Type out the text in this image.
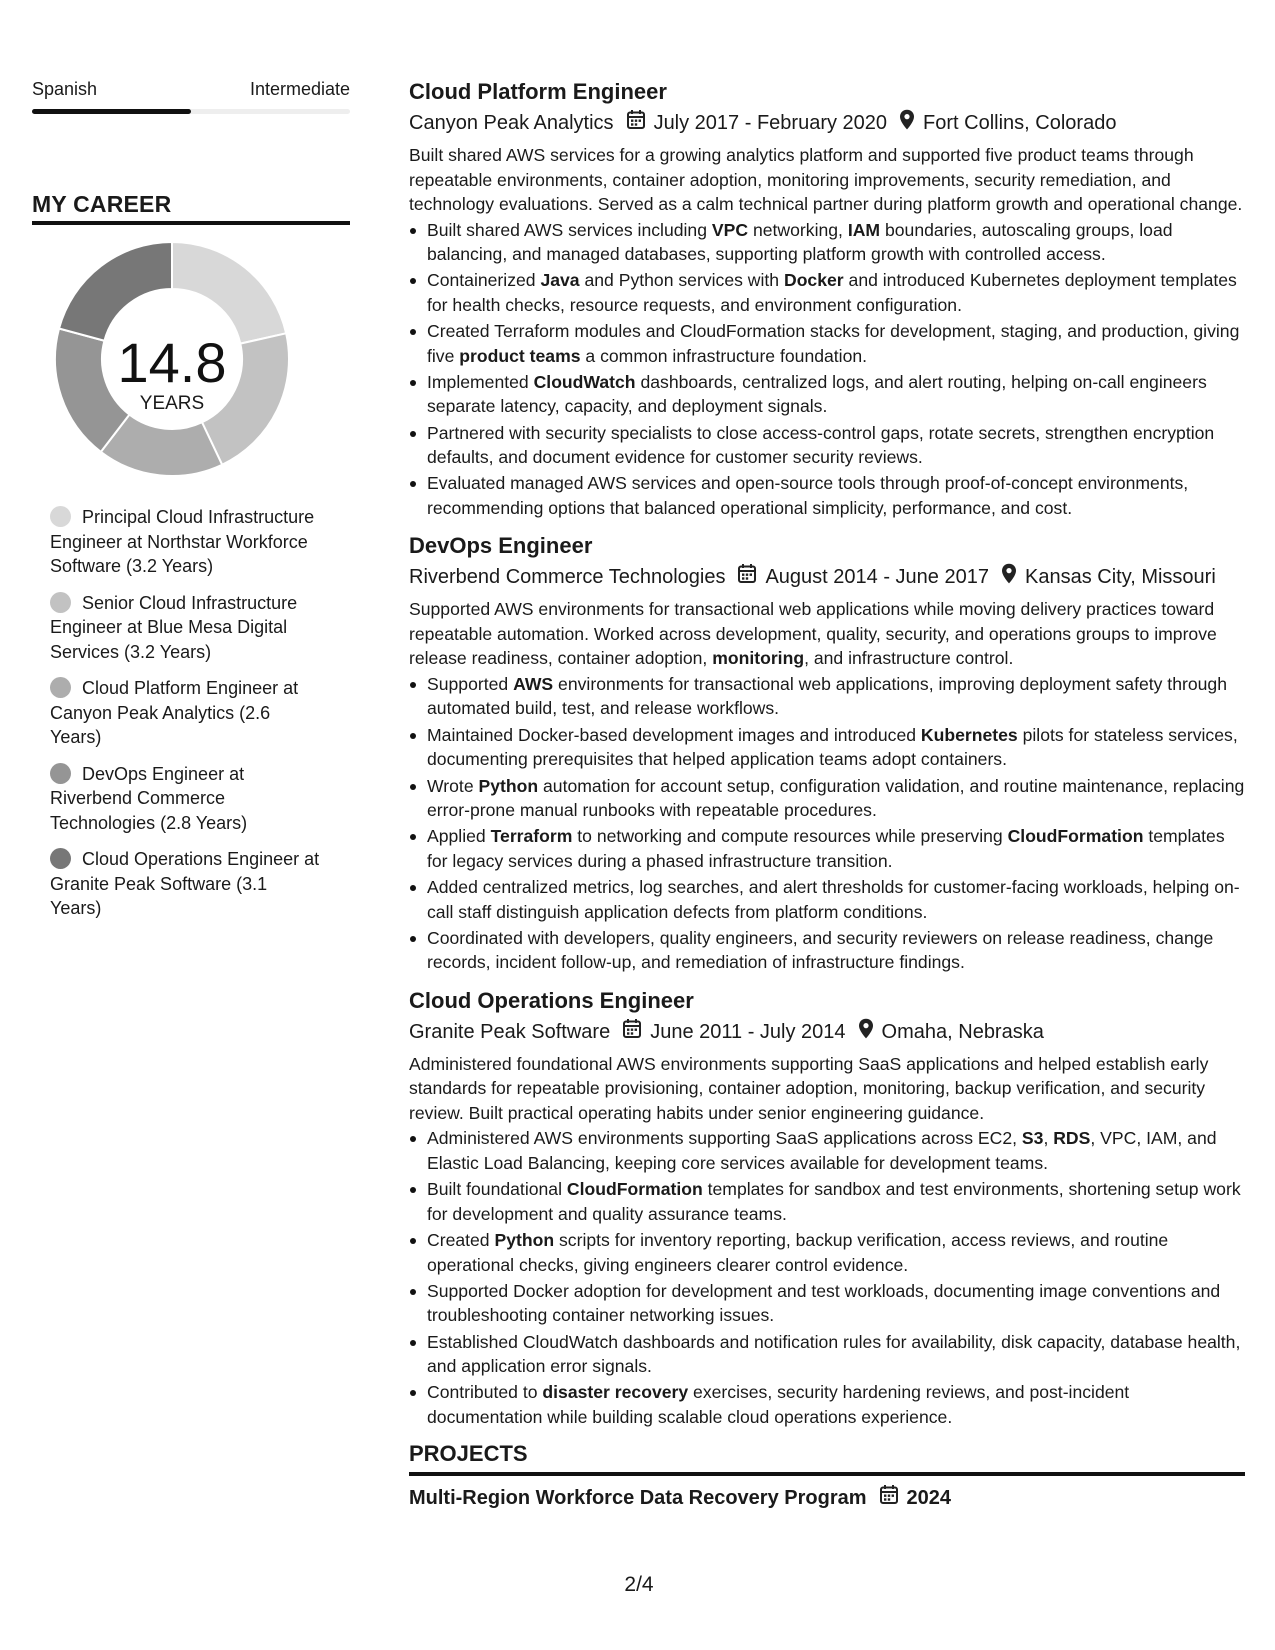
Spanish	Intermediate
MY CAREER
14.8
YEARS
Principal Cloud Infrastructure Engineer at Northstar Workforce Software (3.2 Years)
Senior Cloud Infrastructure Engineer at Blue Mesa Digital Services (3.2 Years)
Cloud Platform Engineer at Canyon Peak Analytics (2.6 Years)
DevOps Engineer at Riverbend Commerce Technologies (2.8 Years)
Cloud Operations Engineer at Granite Peak Software (3.1 Years)
Cloud Platform Engineer
Canyon Peak Analytics July 2017 - February 2020 Fort Collins, Colorado
Built shared AWS services for a growing analytics platform and supported five product teams through repeatable environments, container adoption, monitoring improvements, security remediation, and technology evaluations. Served as a calm technical partner during platform growth and operational change.
Built shared AWS services including VPC networking, IAM boundaries, autoscaling groups, load balancing, and managed databases, supporting platform growth with controlled access.
Containerized Java and Python services with Docker and introduced Kubernetes deployment templates for health checks, resource requests, and environment configuration.
Created Terraform modules and CloudFormation stacks for development, staging, and production, giving five product teams a common infrastructure foundation.
Implemented CloudWatch dashboards, centralized logs, and alert routing, helping on-call engineers separate latency, capacity, and deployment signals.
Partnered with security specialists to close access-control gaps, rotate secrets, strengthen encryption defaults, and document evidence for customer security reviews.
Evaluated managed AWS services and open-source tools through proof-of-concept environments, recommending options that balanced operational simplicity, performance, and cost.
DevOps Engineer
Riverbend Commerce Technologies August 2014 - June 2017 Kansas City, Missouri
Supported AWS environments for transactional web applications while moving delivery practices toward repeatable automation. Worked across development, quality, security, and operations groups to improve release readiness, container adoption, monitoring, and infrastructure control.
Supported AWS environments for transactional web applications, improving deployment safety through automated build, test, and release workflows.
Maintained Docker-based development images and introduced Kubernetes pilots for stateless services, documenting prerequisites that helped application teams adopt containers.
Wrote Python automation for account setup, configuration validation, and routine maintenance, replacing error-prone manual runbooks with repeatable procedures.
Applied Terraform to networking and compute resources while preserving CloudFormation templates for legacy services during a phased infrastructure transition.
Added centralized metrics, log searches, and alert thresholds for customer-facing workloads, helping on-call staff distinguish application defects from platform conditions.
Coordinated with developers, quality engineers, and security reviewers on release readiness, change records, incident follow-up, and remediation of infrastructure findings.
Cloud Operations Engineer
Granite Peak Software June 2011 - July 2014 Omaha, Nebraska
Administered foundational AWS environments supporting SaaS applications and helped establish early standards for repeatable provisioning, container adoption, monitoring, backup verification, and security review. Built practical operating habits under senior engineering guidance.
Administered AWS environments supporting SaaS applications across EC2, S3, RDS, VPC, IAM, and Elastic Load Balancing, keeping core services available for development teams.
Built foundational CloudFormation templates for sandbox and test environments, shortening setup work for development and quality assurance teams.
Created Python scripts for inventory reporting, backup verification, access reviews, and routine operational checks, giving engineers clearer control evidence.
Supported Docker adoption for development and test workloads, documenting image conventions and troubleshooting container networking issues.
Established CloudWatch dashboards and notification rules for availability, disk capacity, database health, and application error signals.
Contributed to disaster recovery exercises, security hardening reviews, and post-incident documentation while building scalable cloud operations experience.
PROJECTS
Multi-Region Workforce Data Recovery Program 2024
2/4
